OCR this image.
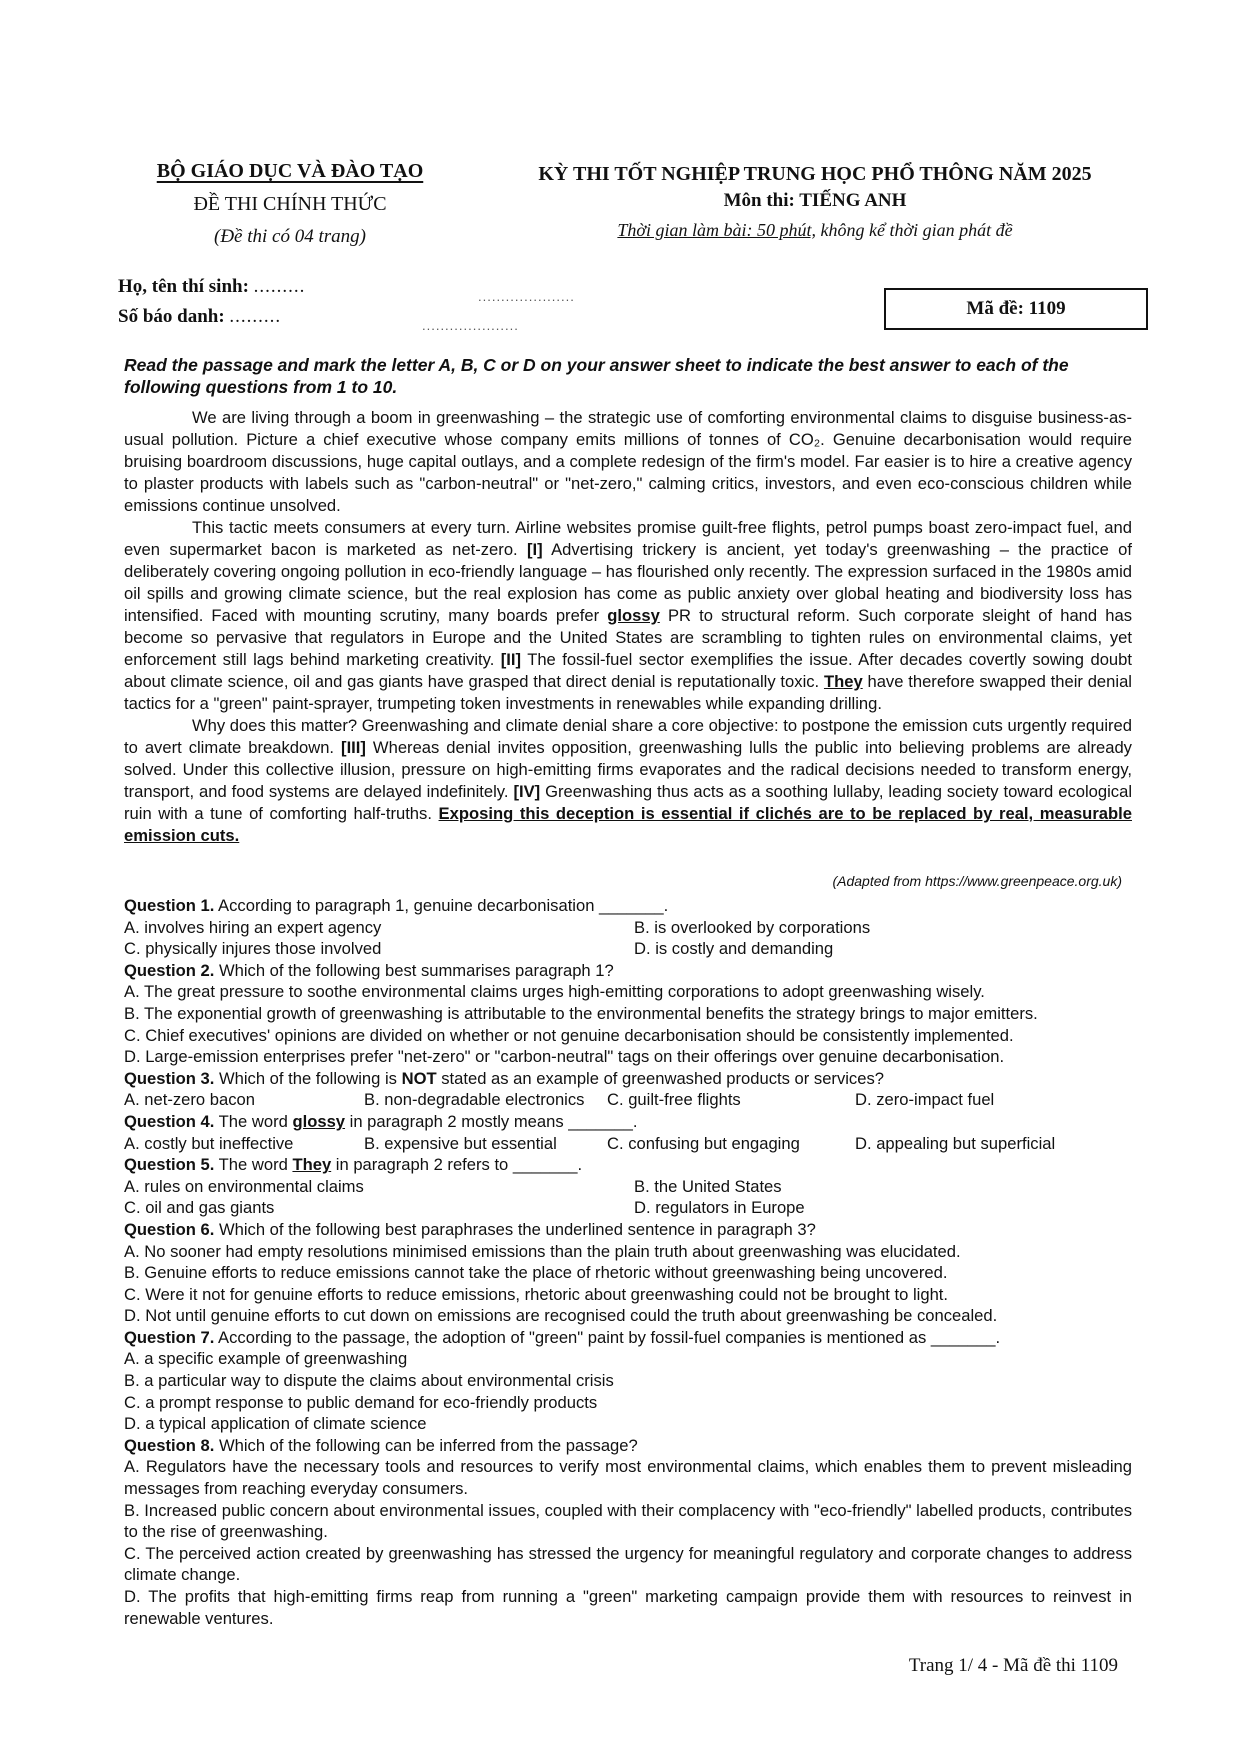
BỘ GIÁO DỤC VÀ ĐÀO TẠO
ĐỀ THI CHÍNH THỨC
(Đề thi có 04 trang)
KỲ THI TỐT NGHIỆP TRUNG HỌC PHỔ THÔNG NĂM 2025
Môn thi: TIẾNG ANH
Thời gian làm bài: 50 phút, không kể thời gian phát đề
Họ, tên thí sinh: .........
Số báo danh: .........
.....................
.....................
Mã đề: 1109
Read the passage and mark the letter A, B, C or D on your answer sheet to indicate the best answer to each of the following questions from 1 to 10.

We are living through a boom in greenwashing – the strategic use of comforting environmental claims to disguise business-as-usual pollution. Picture a chief executive whose company emits millions of tonnes of CO₂. Genuine decarbonisation would require bruising boardroom discussions, huge capital outlays, and a complete redesign of the firm's model. Far easier is to hire a creative agency to plaster products with labels such as "carbon-neutral" or "net-zero," calming critics, investors, and even eco-conscious children while emissions continue unsolved.

This tactic meets consumers at every turn. Airline websites promise guilt-free flights, petrol pumps boast zero-impact fuel, and even supermarket bacon is marketed as net-zero. [I] Advertising trickery is ancient, yet today's greenwashing – the practice of deliberately covering ongoing pollution in eco-friendly language – has flourished only recently. The expression surfaced in the 1980s amid oil spills and growing climate science, but the real explosion has come as public anxiety over global heating and biodiversity loss has intensified. Faced with mounting scrutiny, many boards prefer glossy PR to structural reform. Such corporate sleight of hand has become so pervasive that regulators in Europe and the United States are scrambling to tighten rules on environmental claims, yet enforcement still lags behind marketing creativity. [II] The fossil-fuel sector exemplifies the issue. After decades covertly sowing doubt about climate science, oil and gas giants have grasped that direct denial is reputationally toxic. They have therefore swapped their denial tactics for a "green" paint-sprayer, trumpeting token investments in renewables while expanding drilling.

Why does this matter? Greenwashing and climate denial share a core objective: to postpone the emission cuts urgently required to avert climate breakdown. [III] Whereas denial invites opposition, greenwashing lulls the public into believing problems are already solved. Under this collective illusion, pressure on high-emitting firms evaporates and the radical decisions needed to transform energy, transport, and food systems are delayed indefinitely. [IV] Greenwashing thus acts as a soothing lullaby, leading society toward ecological ruin with a tune of comforting half-truths. Exposing this deception is essential if clichés are to be replaced by real, measurable emission cuts.

(Adapted from https://www.greenpeace.org.uk)
Question 1. According to paragraph 1, genuine decarbonisation _______.
A. involves hiring an expert agency	B. is overlooked by corporations
C. physically injures those involved	D. is costly and demanding
Question 2. Which of the following best summarises paragraph 1?
A. The great pressure to soothe environmental claims urges high-emitting corporations to adopt greenwashing wisely.
B. The exponential growth of greenwashing is attributable to the environmental benefits the strategy brings to major emitters.
C. Chief executives' opinions are divided on whether or not genuine decarbonisation should be consistently implemented.
D. Large-emission enterprises prefer "net-zero" or "carbon-neutral" tags on their offerings over genuine decarbonisation.
Question 3. Which of the following is NOT stated as an example of greenwashed products or services?
A. net-zero bacon	B. non-degradable electronics	C. guilt-free flights	D. zero-impact fuel
Question 4. The word glossy in paragraph 2 mostly means _______.
A. costly but ineffective	B. expensive but essential	C. confusing but engaging	D. appealing but superficial
Question 5. The word They in paragraph 2 refers to _______.
A. rules on environmental claims	B. the United States
C. oil and gas giants	D. regulators in Europe
Question 6. Which of the following best paraphrases the underlined sentence in paragraph 3?
A. No sooner had empty resolutions minimised emissions than the plain truth about greenwashing was elucidated.
B. Genuine efforts to reduce emissions cannot take the place of rhetoric without greenwashing being uncovered.
C. Were it not for genuine efforts to reduce emissions, rhetoric about greenwashing could not be brought to light.
D. Not until genuine efforts to cut down on emissions are recognised could the truth about greenwashing be concealed.
Question 7. According to the passage, the adoption of "green" paint by fossil-fuel companies is mentioned as _______.
A. a specific example of greenwashing
B. a particular way to dispute the claims about environmental crisis
C. a prompt response to public demand for eco-friendly products
D. a typical application of climate science
Question 8. Which of the following can be inferred from the passage?
A. Regulators have the necessary tools and resources to verify most environmental claims, which enables them to prevent misleading messages from reaching everyday consumers.
B. Increased public concern about environmental issues, coupled with their complacency with "eco-friendly" labelled products, contributes to the rise of greenwashing.
C. The perceived action created by greenwashing has stressed the urgency for meaningful regulatory and corporate changes to address climate change.
D. The profits that high-emitting firms reap from running a "green" marketing campaign provide them with resources to reinvest in renewable ventures.
Trang 1/ 4 - Mã đề thi 1109
